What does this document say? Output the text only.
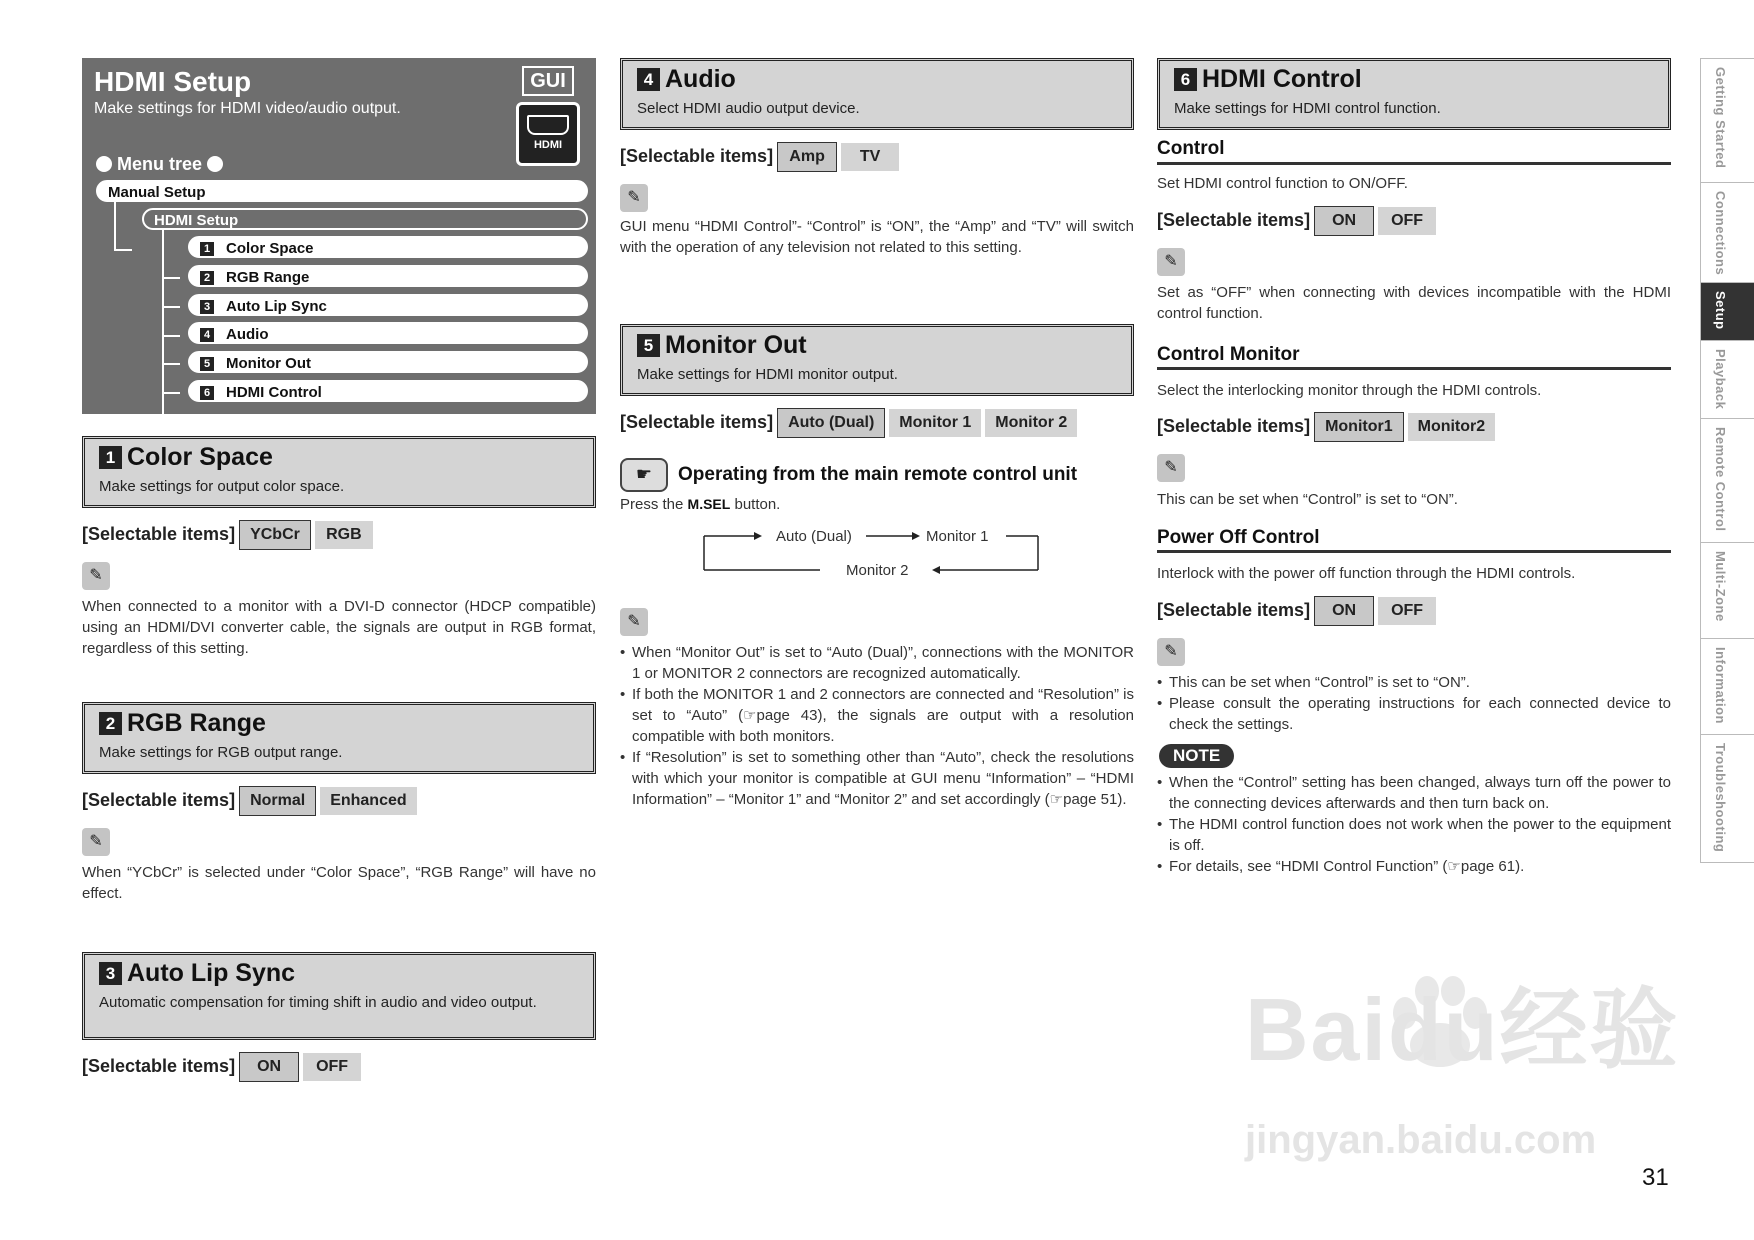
HDMI Setup
Make settings for HDMI video/audio output.
GUI
HDMI
Menu tree
Manual Setup
HDMI Setup
1 Color Space
2 RGB Range
3 Auto Lip Sync
4 Audio
5 Monitor Out
6 HDMI Control
1 Color Space
Make settings for output color space.
[Selectable items] YCbCr RGB
✎
When connected to a monitor with a DVI-D connector (HDCP compatible) using an HDMI/DVI converter cable, the signals are output in RGB format, regardless of this setting.
2 RGB Range
Make settings for RGB output range.
[Selectable items] Normal Enhanced
✎
When “YCbCr” is selected under “Color Space”, “RGB Range” will have no effect.
3 Auto Lip Sync
Automatic compensation for timing shift in audio and video output.
[Selectable items] ON OFF
4 Audio
Select HDMI audio output device.
[Selectable items] Amp TV
✎
GUI menu “HDMI Control”- “Control” is “ON”, the “Amp” and “TV” will switch with the operation of any television not related to this setting.
5 Monitor Out
Make settings for HDMI monitor output.
[Selectable items] Auto (Dual) Monitor 1 Monitor 2
☛	Operating from the main remote control unit
Press the M.SEL button.
Auto (Dual)	Monitor 1
Monitor 2
✎
• When “Monitor Out” is set to “Auto (Dual)”, connections with the MONITOR 1 or MONITOR 2 connectors are recognized automatically.
• If both the MONITOR 1 and 2 connectors are connected and “Resolution” is set to “Auto” (☞page 43), the signals are output with a resolution compatible with both monitors.
• If “Resolution” is set to something other than “Auto”, check the resolutions with which your monitor is compatible at GUI menu “Information” – “HDMI Information” – “Monitor 1” and “Monitor 2” and set accordingly (☞page 51).
6 HDMI Control
Make settings for HDMI control function.
Control
Set HDMI control function to ON/OFF.
[Selectable items] ON OFF
✎
Set as “OFF” when connecting with devices incompatible with the HDMI control function.
Control Monitor
Select the interlocking monitor through the HDMI controls.
[Selectable items] Monitor1 Monitor2
✎
This can be set when “Control” is set to “ON”.
Power Off Control
Interlock with the power off function through the HDMI controls.
[Selectable items] ON OFF
✎
• This can be set when “Control” is set to “ON”.
• Please consult the operating instructions for each connected device to check the settings.
NOTE
• When the “Control” setting has been changed, always turn off the power to the connecting devices afterwards and then turn back on.
• The HDMI control function does not work when the power to the equipment is off.
• For details, see “HDMI Control Function” (☞page 61).
Getting Started
Connections
Setup
Playback
Remote Control
Multi-Zone
Information
Troubleshooting
Baidu经验
jingyan.baidu.com
31
